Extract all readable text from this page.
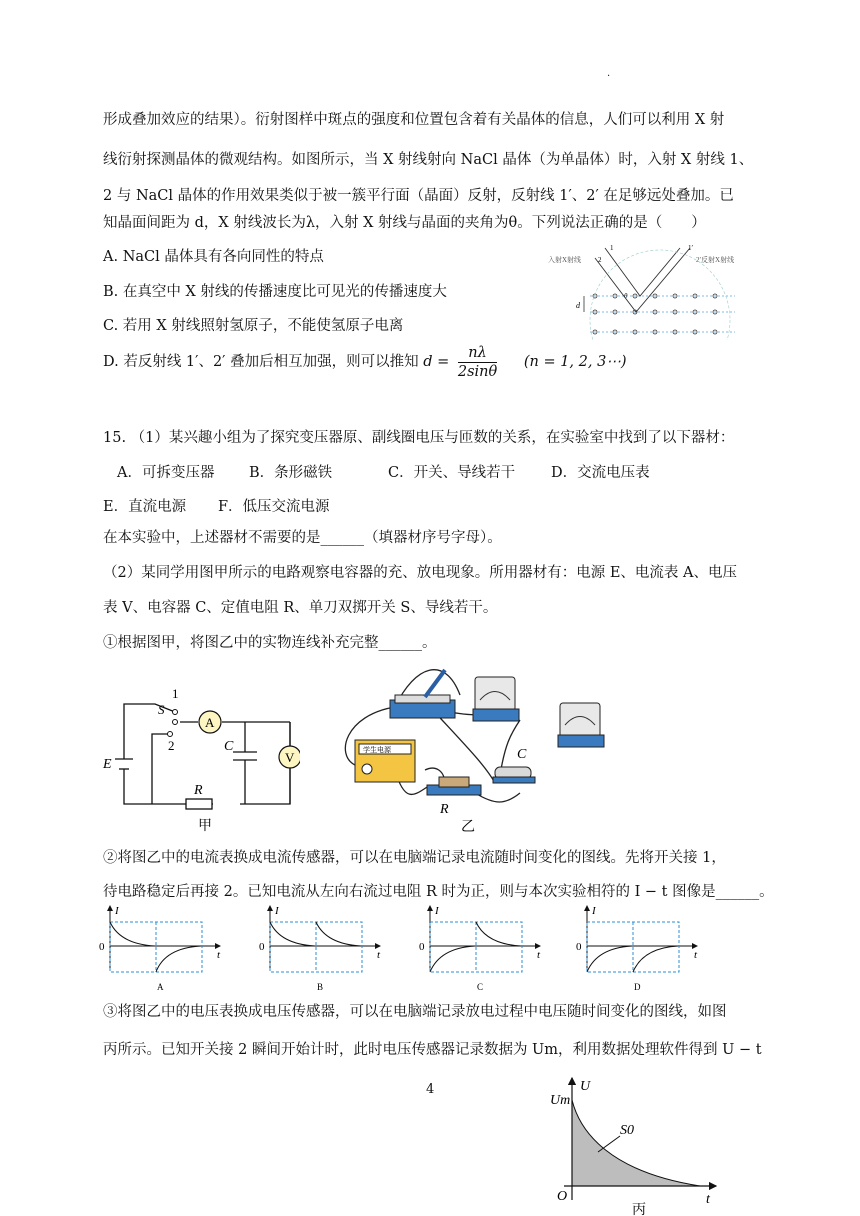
.
形成叠加效应的结果）。衍射图样中斑点的强度和位置包含着有关晶体的信息，人们可以利用 X 射
线衍射探测晶体的微观结构。如图所示，当 X 射线射向 NaCl 晶体（为单晶体）时，入射 X 射线 1、
2 与 NaCl 晶体的作用效果类似于被一簇平行面（晶面）反射，反射线 1′、2′ 在足够远处叠加。已
知晶面间距为 d，X 射线波长为λ，入射 X 射线与晶面的夹角为θ。下列说法正确的是（　　）
A. NaCl 晶体具有各向同性的特点
B. 在真空中 X 射线的传播速度比可见光的传播速度大
C. 若用 X 射线照射氢原子，不能使氢原子电离
D. 若反射线 1′、2′ 叠加后相互加强，则可以推知 $d = \frac{n\lambda}{2\sin\theta} (n = 1$, 2, 3⋯)
入射X射线	2′反射X射线
1
2
1′
d
θ
15. （1）某兴趣小组为了探究变压器原、副线圈电压与匝数的关系，在实验室中找到了以下器材：
A．可拆变压器 B．条形磁铁	C．开关、导线若干 D．交流电压表
E．直流电源 F．低压交流电源
在本实验中，上述器材不需要的是______（填器材序号字母）。
（2）某同学用图甲所示的电路观察电容器的充、放电现象。所用器材有：电源 E、电流表 A、电压
表 V、电容器 C、定值电阻 R、单刀双掷开关 S、导线若干。
①根据图甲，将图乙中的实物连线补充完整______。
A
V
1
S
2
E
C
R
甲
学生电源	C
R
乙
②将图乙中的电流表换成电流传感器，可以在电脑端记录电流随时间变化的图线。先将开关接 1，
待电路稳定后再接 2。已知电流从左向右流过电阻 R 时为正，则与本次实验相符的 I − t 图像是______。
I
t
0
A
I
t
0
B
I
t
0
C
I
t
0
D
③将图乙中的电压表换成电压传感器，可以在电脑端记录放电过程中电压随时间变化的图线，如图
丙所示。已知开关接 2 瞬间开始计时，此时电压传感器记录数据为 Um，利用数据处理软件得到 U − t
4	U
t
O
Um
S0
丙
